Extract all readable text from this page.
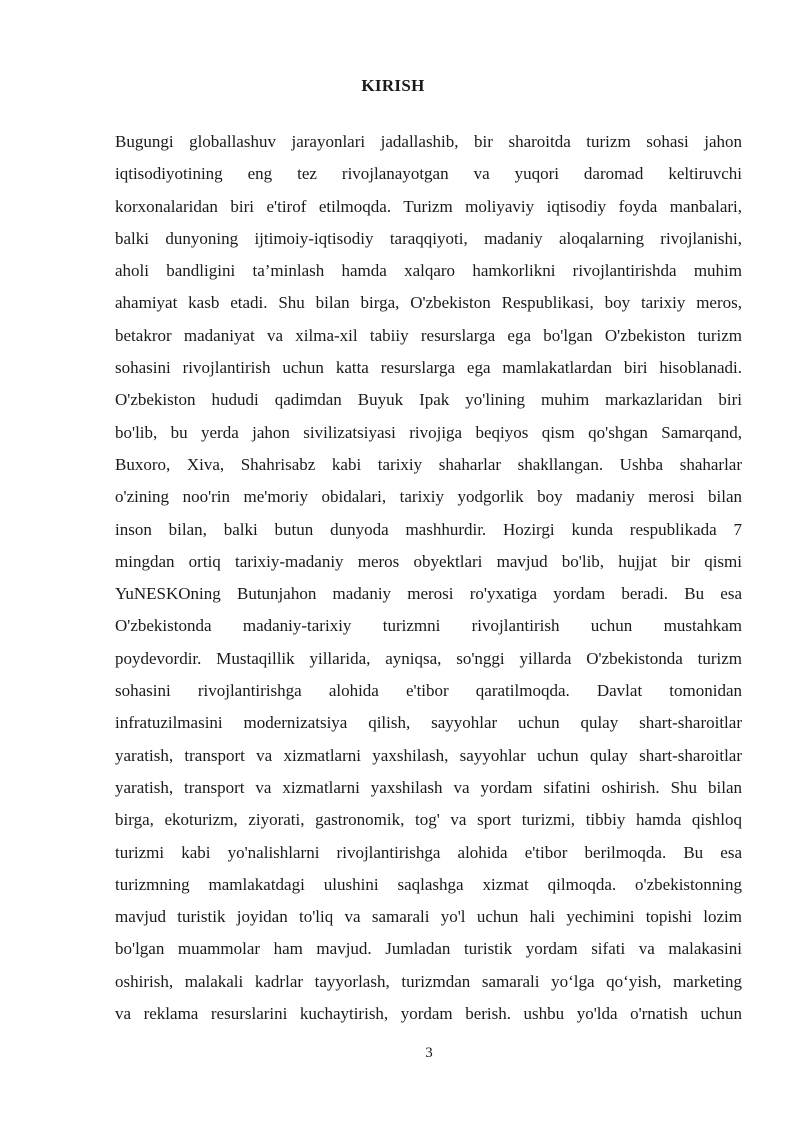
KIRISH
Bugungi globallashuv jarayonlari jadallashib, bir sharoitda turizm sohasi jahon
iqtisodiyotining eng tez rivojlanayotgan va yuqori daromad keltiruvchi
korxonalaridan biri e'tirof etilmoqda. Turizm moliyaviy iqtisodiy foyda manbalari,
balki dunyoning ijtimoiy-iqtisodiy taraqqiyoti, madaniy aloqalarning rivojlanishi,
aholi bandligini ta’minlash hamda xalqaro hamkorlikni rivojlantirishda muhim
ahamiyat kasb etadi. Shu bilan birga, O'zbekiston Respublikasi, boy tarixiy meros,
betakror madaniyat va xilma-xil tabiiy resurslarga ega bo'lgan O'zbekiston turizm
sohasini rivojlantirish uchun katta resurslarga ega mamlakatlardan biri hisoblanadi.
O'zbekiston hududi qadimdan Buyuk Ipak yo'lining muhim markazlaridan biri
bo'lib, bu yerda jahon sivilizatsiyasi rivojiga beqiyos qism qo'shgan Samarqand,
Buxoro, Xiva, Shahrisabz kabi tarixiy shaharlar shakllangan. Ushba shaharlar
o'zining noo'rin me'moriy obidalari, tarixiy yodgorlik boy madaniy merosi bilan
inson bilan, balki butun dunyoda mashhurdir. Hozirgi kunda respublikada 7
mingdan ortiq tarixiy-madaniy meros obyektlari mavjud bo'lib, hujjat bir qismi
YuNESKOning Butunjahon madaniy merosi ro'yxatiga yordam beradi. Bu esa
O'zbekistonda madaniy-tarixiy turizmni rivojlantirish uchun mustahkam
poydevordir. Mustaqillik yillarida, ayniqsa, so'nggi yillarda O'zbekistonda turizm
sohasini rivojlantirishga alohida e'tibor qaratilmoqda. Davlat tomonidan
infratuzilmasini modernizatsiya qilish, sayyohlar uchun qulay shart-sharoitlar
yaratish, transport va xizmatlarni yaxshilash, sayyohlar uchun qulay shart-sharoitlar
yaratish, transport va xizmatlarni yaxshilash va yordam sifatini oshirish. Shu bilan
birga, ekoturizm, ziyorati, gastronomik, tog' va sport turizmi, tibbiy hamda qishloq
turizmi kabi yo'nalishlarni rivojlantirishga alohida e'tibor berilmoqda. Bu esa
turizmning mamlakatdagi ulushini saqlashga xizmat qilmoqda. o'zbekistonning
mavjud turistik joyidan to'liq va samarali yo'l uchun hali yechimini topishi lozim
bo'lgan muammolar ham mavjud. Jumladan turistik yordam sifati va malakasini
oshirish, malakali kadrlar tayyorlash, turizmdan samarali yo‘lga qo‘yish, marketing
va reklama resurslarini kuchaytirish, yordam berish. ushbu yo'lda o'rnatish uchun
3
